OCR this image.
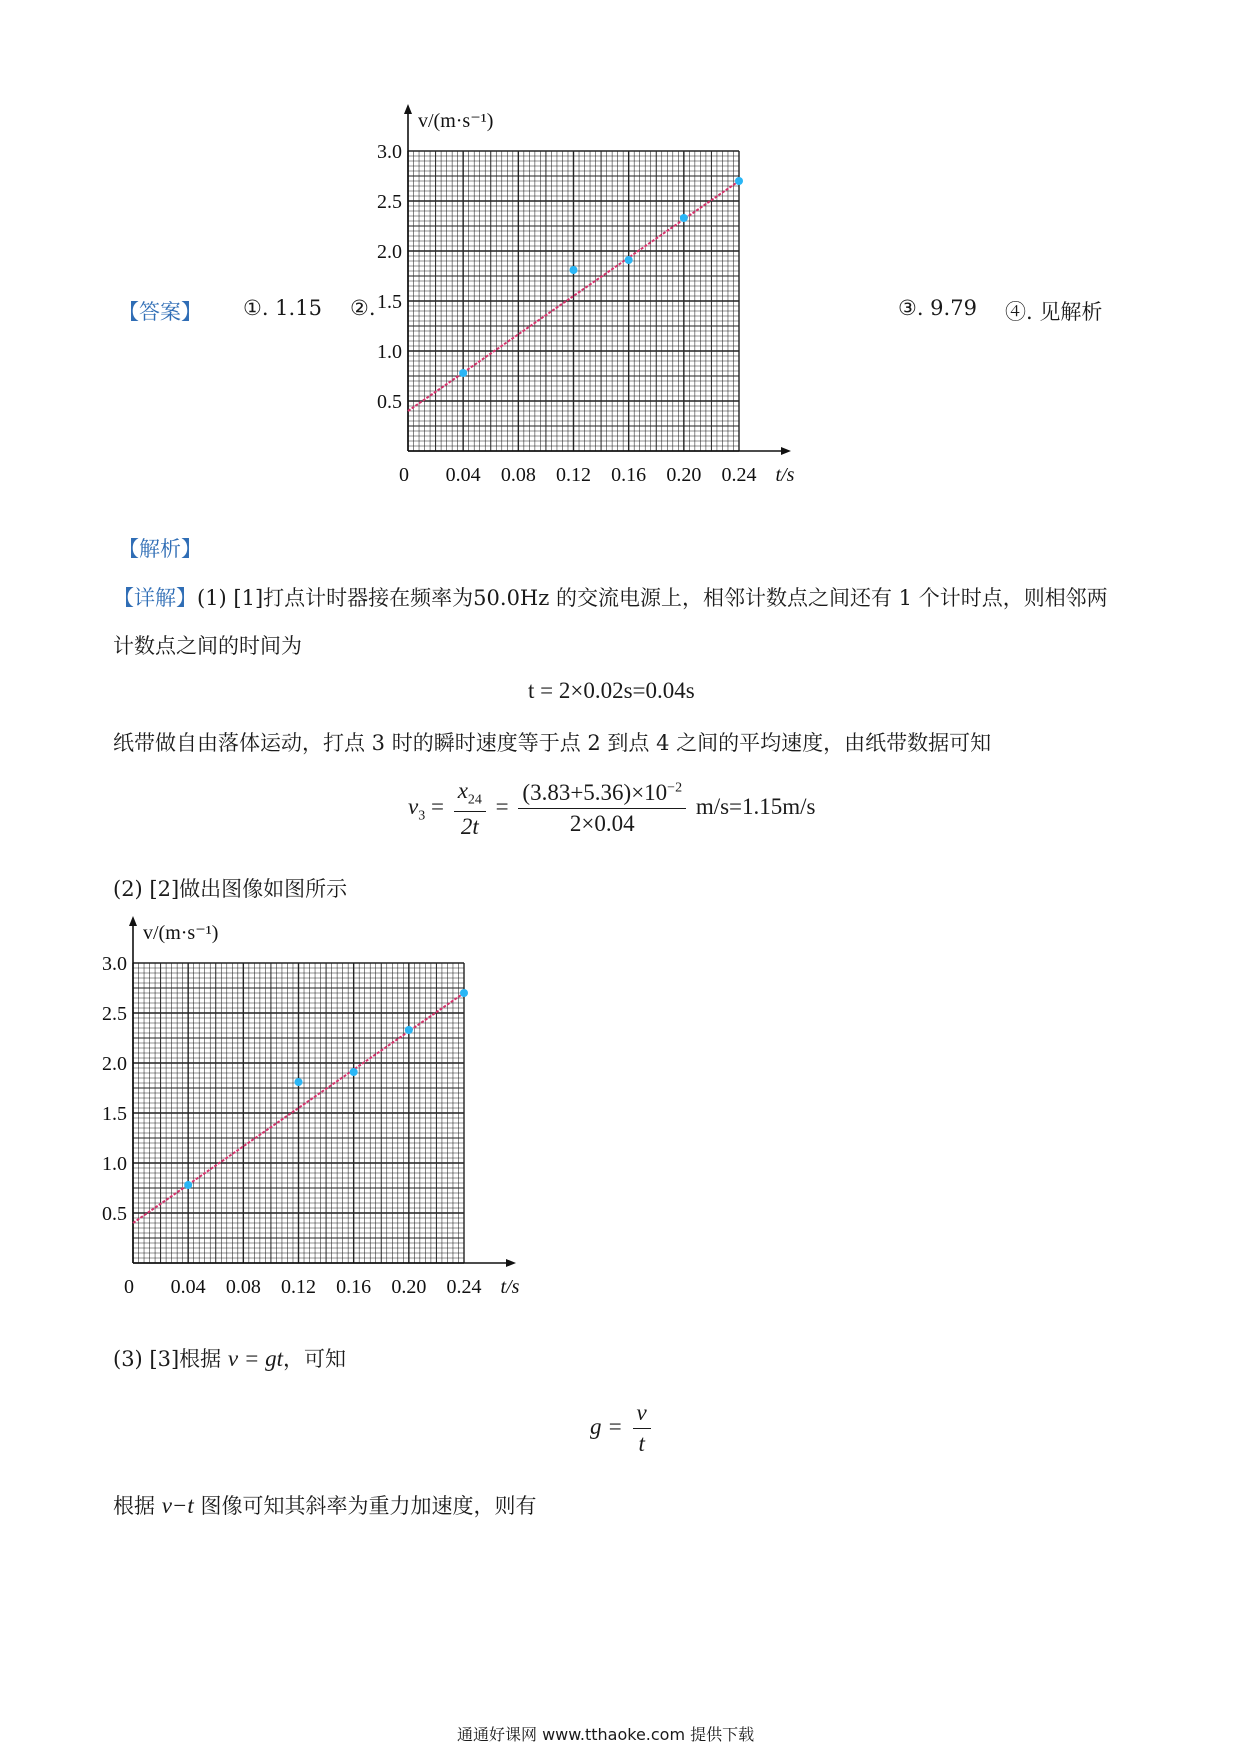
【答案】 ①. 1.15 ②.	③. 9.79 ④. 见解析
0.5
1.0
1.5
2.0
2.5
3.0
0.04 0.08 0.12 0.16 0.20 0.24
0	t/s
v/(m·s⁻¹)
【解析】
【详解】(1) [1]打点计时器接在频率为50.0Hz 的交流电源上，相邻计数点之间还有 1 个计时点，则相邻两
计数点之间的时间为
t = 2×0.02s=0.04s
纸带做自由落体运动，打点 3 时的瞬时速度等于点 2 到点 4 之间的平均速度，由纸带数据可知
$v_3 = \frac{x_{24}}{2t} = \frac{(3.83+5.36)\times 10^{-2}}{2\times 0.04} m/s=1.15m/s$
(2) [2]做出图像如图所示
0.5
1.0
1.5
2.0
2.5
3.0
0.04 0.08 0.12 0.16 0.20 0.24
0	t/s
v/(m·s⁻¹)
(3) [3]根据 v = gt，可知
$g = \frac{v}{t}$
根据 v−t 图像可知其斜率为重力加速度，则有
通通好课网 www.tthaoke.com 提供下载
